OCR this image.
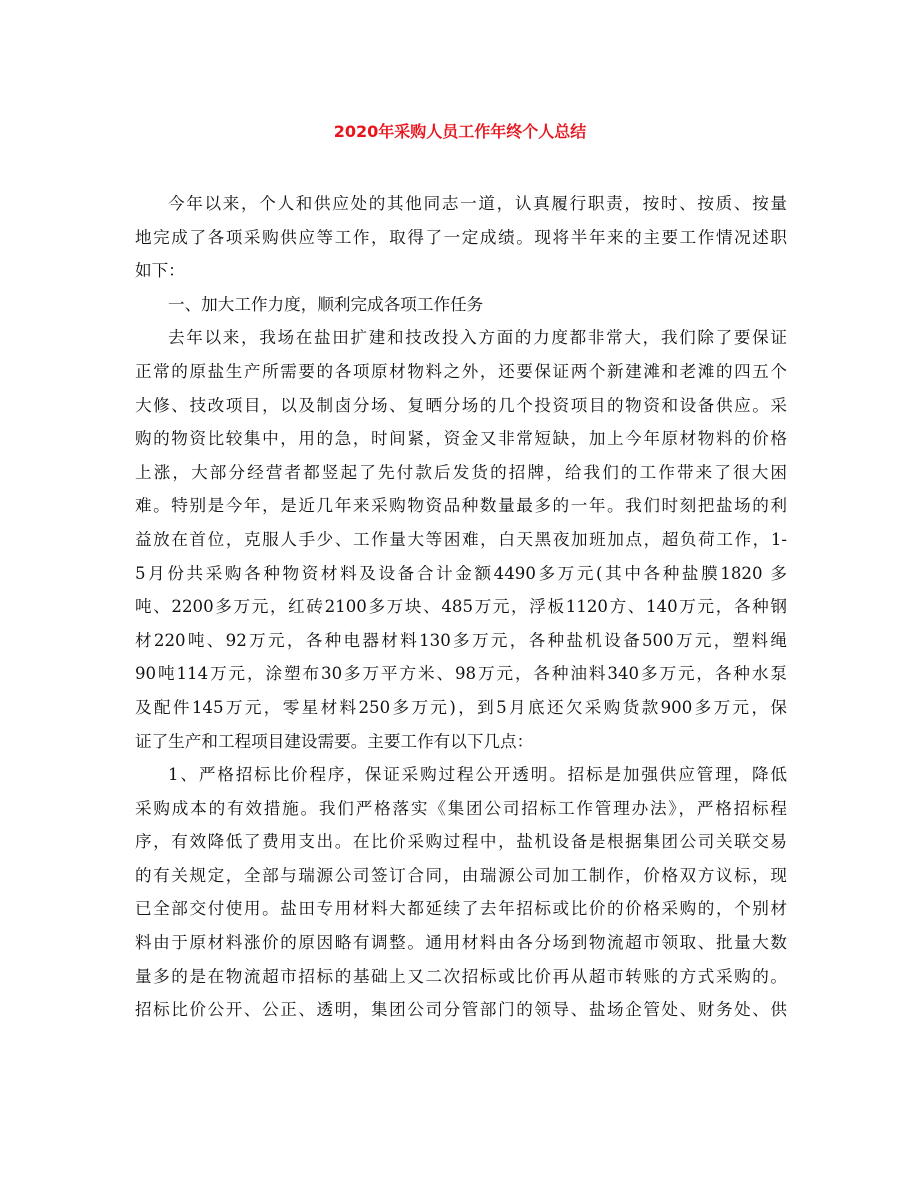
2020年采购人员工作年终个人总结
今年以来，个人和供应处的其他同志一道，认真履行职责，按时、按质、按量
地完成了各项采购供应等工作，取得了一定成绩。现将半年来的主要工作情况述职
如下：
一、加大工作力度，顺利完成各项工作任务
去年以来，我场在盐田扩建和技改投入方面的力度都非常大，我们除了要保证
正常的原盐生产所需要的各项原材物料之外，还要保证两个新建滩和老滩的四五个
大修、技改项目，以及制卤分场、复晒分场的几个投资项目的物资和设备供应。采
购的物资比较集中，用的急，时间紧，资金又非常短缺，加上今年原材物料的价格
上涨，大部分经营者都竖起了先付款后发货的招牌，给我们的工作带来了很大困
难。特别是今年，是近几年来采购物资品种数量最多的一年。我们时刻把盐场的利
益放在首位，克服人手少、工作量大等困难，白天黑夜加班加点，超负荷工作，1-
5月份共采购各种物资材料及设备合计金额4490多万元(其中各种盐膜1820 多
吨、2200多万元，红砖2100多万块、485万元，浮板1120方、140万元，各种钢
材220吨、92万元，各种电器材料130多万元，各种盐机设备500万元，塑料绳
90吨114万元，涂塑布30多万平方米、98万元，各种油料340多万元，各种水泵
及配件145万元，零星材料250多万元)，到5月底还欠采购货款900多万元，保
证了生产和工程项目建设需要。主要工作有以下几点：
1、严格招标比价程序，保证采购过程公开透明。招标是加强供应管理，降低
采购成本的有效措施。我们严格落实《集团公司招标工作管理办法》，严格招标程
序，有效降低了费用支出。在比价采购过程中，盐机设备是根据集团公司关联交易
的有关规定，全部与瑞源公司签订合同，由瑞源公司加工制作，价格双方议标，现
已全部交付使用。盐田专用材料大都延续了去年招标或比价的价格采购的，个别材
料由于原材料涨价的原因略有调整。通用材料由各分场到物流超市领取、批量大数
量多的是在物流超市招标的基础上又二次招标或比价再从超市转账的方式采购的。
招标比价公开、公正、透明，集团公司分管部门的领导、盐场企管处、财务处、供
